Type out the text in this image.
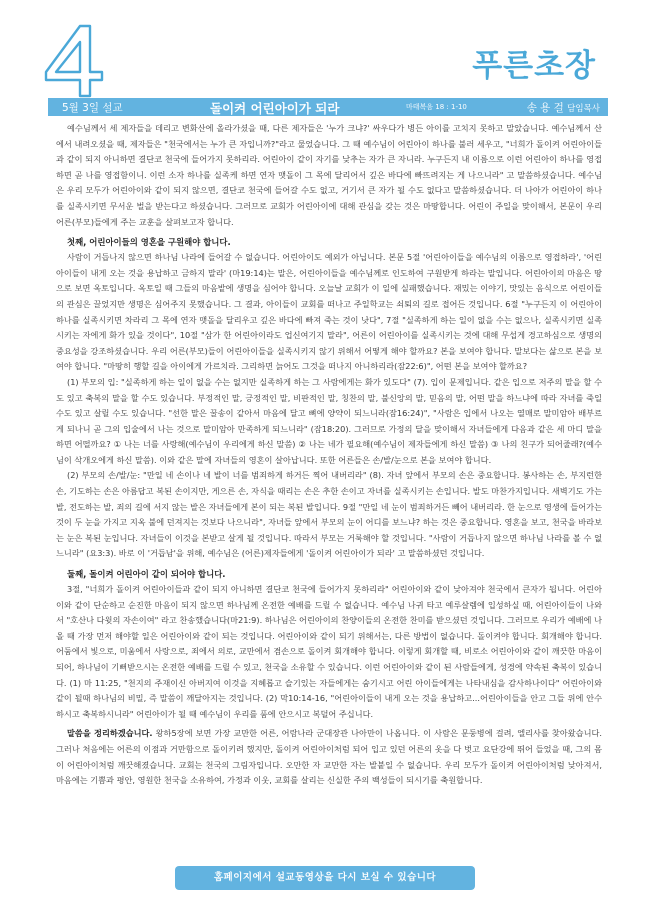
푸른초장
5월 3일 설교	돌이켜 어린아이가 되라	마태복음 18 : 1-10	송 용 걸 담임목사

예수님께서 세 제자들을 데리고 변화산에 올라가셨을 때, 다른 제자들은 '누가 크냐?' 싸우다가 병든 아이를 고치지 못하고 말았습니다. 예수님께서 산에서 내려오셨을 때, 제자들은 "천국에서는 누가 큰 자입니까?"라고 물었습니다. 그 때 예수님이 어린아이 하나를 불러 세우고, "너희가 돌이켜 어린아이들과 같이 되지 아니하면 결단코 천국에 들어가지 못하리라. 어린아이 같이 자기를 낮추는 자가 큰 자니라. 누구든지 내 이름으로 이런 어린아이 하나를 영접하면 곧 나를 영접함이니. 이런 소자 하나를 실족케 하면 연자 맷돌이 그 목에 달리어서 깊은 바다에 빠뜨려지는 게 나으니라" 고 말씀하셨습니다. 예수님은 우리 모두가 어린아이와 같이 되지 않으면, 결단코 천국에 들어갈 수도 없고, 거기서 큰 자가 될 수도 없다고 말씀하셨습니다. 더 나아가 어린아이 하나를 실족시키면 무서운 벌을 받는다고 하셨습니다. 그러므로 교회가 어린아이에 대해 관심을 갖는 것은 마땅합니다. 어린이 주일을 맞이해서, 본문이 우리 어른(부모)들에게 주는 교훈을 살펴보고자 합니다.

첫째, 어린아이들의 영혼을 구원해야 합니다.

사람이 거듭나지 않으면 하나님 나라에 들어갈 수 없습니다. 어린아이도 예외가 아닙니다. 본문 5절 '어린아이들을 예수님의 이름으로 영접하라', '어린아이들이 내게 오는 것을 용납하고 금하지 말라' (마19:14)는 말은, 어린아이들을 예수님께로 인도하여 구원받게 하라는 말입니다. 어린아이의 마음은 땅으로 보면 옥토입니다. 옥토일 때 그들의 마음밭에 생명을 심어야 합니다. 오늘날 교회가 이 일에 실패했습니다. 재밌는 이야기, 맛있는 음식으로 어린이들의 관심은 끌었지만 생명은 심어주지 못했습니다. 그 결과, 아이들이 교회를 떠나고 주일학교는 쇠퇴의 길로 접어든 것입니다. 6절 "누구든지 이 어린아이 하나를 실족시키면 차라리 그 목에 연자 맷돌을 달리우고 깊은 바다에 빠져 죽는 것이 낫다", 7절 "실족하게 하는 일이 없을 수는 없으나, 실족시키면 실족시키는 자에게 화가 있을 것이다", 10절 "삼가 한 어린아이라도 업신여기지 말라", 어른이 어린아이를 실족시키는 것에 대해 무섭게 경고하심으로 생명의 중요성을 강조하셨습니다. 우리 어른(부모)들이 어린아이들을 실족시키지 않기 위해서 어떻게 해야 할까요? 본을 보여야 합니다. 말보다는 삶으로 본을 보여야 합니다. "마땅히 행할 길을 아이에게 가르치라. 그리하면 늙어도 그것을 떠나지 아니하리라(잠22:6)", 어떤 본을 보여야 할까요?

(1) 부모의 입: "실족하게 하는 일이 없을 수는 없지만 실족하게 하는 그 사람에게는 화가 있도다" (7). 입이 문제입니다. 같은 입으로 저주의 말을 할 수도 있고 축복의 말을 할 수도 있습니다. 부정적인 말, 긍정적인 말, 비판적인 말, 칭찬의 말, 불신앙의 말, 믿음의 말, 어떤 말을 하느냐에 따라 자녀를 죽일 수도 있고 살릴 수도 있습니다. "선한 말은 꿀송이 같아서 마음에 달고 뼈에 양약이 되느니라(잠16:24)", "사람은 입에서 나오는 열매로 말미암아 배부르게 되나니 곧 그의 입술에서 나는 것으로 말미암아 만족하게 되느니라" (잠18:20). 그러므로 가정의 달을 맞이해서 자녀들에게 다음과 같은 세 마디 말을 하면 어떨까요? ① 나는 너를 사랑해(예수님이 우리에게 하신 말씀) ② 나는 네가 필요해(예수님이 제자들에게 하신 말씀) ③ 나의 친구가 되어줄래?(예수님이 삭개오에게 하신 말씀). 이와 같은 말에 자녀들의 영혼이 살아납니다. 또한 어른들은 손/발/눈으로 본을 보여야 합니다.

(2) 부모의 손/발/눈: "만일 네 손이나 네 발이 너를 범죄하게 하거든 찍어 내버리라" (8). 자녀 앞에서 부모의 손은 중요합니다. 봉사하는 손, 부지런한 손, 기도하는 손은 아름답고 복된 손이지만, 게으른 손, 자식을 때리는 손은 추한 손이고 자녀를 실족시키는 손입니다. 발도 마찬가지입니다. 새벽기도 가는 발, 전도하는 발, 죄의 길에 서지 않는 발은 자녀들에게 본이 되는 복된 발입니다. 9절 "만일 네 눈이 범죄하거든 빼어 내버리라. 한 눈으로 영생에 들어가는 것이 두 눈을 가지고 지옥 불에 던져지는 것보다 나으니라", 자녀들 앞에서 부모의 눈이 어디를 보느냐? 하는 것은 중요합니다. 영혼을 보고, 천국을 바라보는 눈은 복된 눈입니다. 자녀들이 이것을 본받고 살게 될 것입니다. 따라서 부모는 거룩해야 할 것입니다. "사람이 거듭나지 않으면 하나님 나라를 볼 수 없느니라" (요3:3). 바로 이 '거듭남'을 위해, 예수님은 (어른)제자들에게 '돌이켜 어린아이가 되라' 고 말씀하셨던 것입니다.

둘째, 돌이켜 어린아이 같이 되어야 합니다.

3절, "너희가 돌이켜 어린아이들과 같이 되지 아니하면 결단코 천국에 들어가지 못하리라" 어린아이와 같이 낮아져야 천국에서 큰자가 됩니다. 어린아이와 같이 단순하고 순진한 마음이 되지 않으면 하나님께 온전한 예배를 드릴 수 없습니다. 예수님 나귀 타고 예루살렘에 입성하실 때, 어린아이들이 나와서 "호산나 다윗의 자손이여" 라고 찬송했습니다(마21:9). 하나님은 어린아이의 찬양이들의 온전한 찬미를 받으셨던 것입니다. 그러므로 우리가 예배에 나올 때 가장 먼저 해야할 일은 어린아이와 같이 되는 것입니다. 어린아이와 같이 되기 위해서는, 다른 방법이 없습니다. 돌이켜야 합니다. 회개해야 합니다. 어둠에서 빛으로, 미움에서 사랑으로, 죄에서 의로, 교만에서 겸손으로 돌이켜 회개해야 합니다. 이렇게 회개할 때, 비로소 어린아이와 같이 깨끗한 마음이 되어, 하나님이 기뻐받으시는 온전한 예배를 드릴 수 있고, 천국을 소유할 수 있습니다. 이런 어린아이와 같이 된 사람들에게, 성경에 약속된 축복이 있습니다. (1) 마 11:25, "천지의 주재이신 아버지여 이것을 지혜롭고 슬기있는 자들에게는 숨기시고 어린 아이들에게는 나타내심을 감사하나이다" 어린아이와 같이 될때 하나님의 비밀, 즉 말씀이 깨달아지는 것입니다. (2) 막10:14-16, "어린아이들이 내게 오는 것을 용납하고...어린아이들을 안고 그들 위에 안수하시고 축복하시니라" 어린아이가 될 때 예수님이 우리를 품에 안으시고 복덜어 주십니다.

말씀을 정리하겠습니다. 왕하5장에 보면 가장 교만한 어른, 어람나라 군대장관 나아만이 나옵니다. 이 사람은 문둥병에 걸려, 엘리사를 찾아왔습니다. 그러나 처음에는 어른의 이점과 거만함으로 돌이키려 했지만, 돌이켜 어린아이처럼 되어 입고 있던 어른의 옷을 다 벗고 요단강에 뛰어 들었을 때, 그의 몸이 어린아이처럼 깨끗해졌습니다. 교회는 천국의 그림자입니다. 오만한 자 교만한 자는 발붙일 수 없습니다. 우리 모두가 돌이켜 어린아이처럼 낮아져서, 마음에는 기쁨과 평안, 영원한 천국을 소유하여, 가정과 이웃, 교회를 살리는 신실한 주의 백성들이 되시기를 축원합니다.

홈페이지에서 설교동영상을 다시 보실 수 있습니다
